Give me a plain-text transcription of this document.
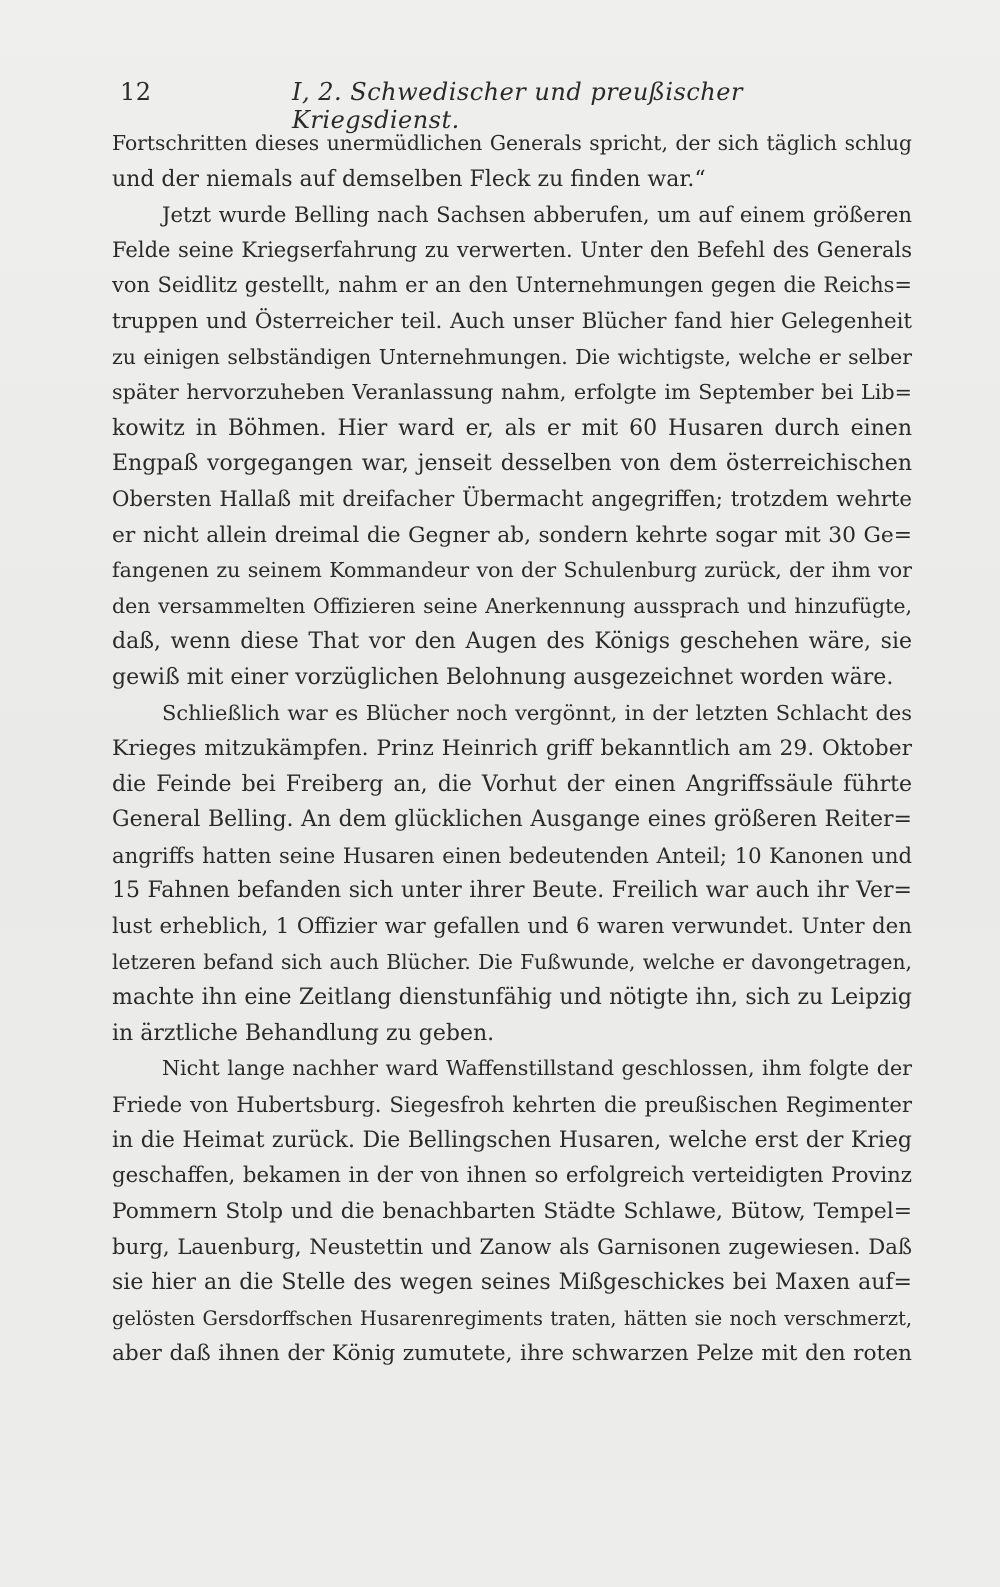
12	I, 2. Schwedischer und preußischer Kriegsdienst.
Fortschritten dieses unermüdlichen Generals spricht, der sich täglich schlug
und der niemals auf demselben Fleck zu finden war.“
Jetzt wurde Belling nach Sachsen abberufen, um auf einem größeren
Felde seine Kriegserfahrung zu verwerten. Unter den Befehl des Generals
von Seidlitz gestellt, nahm er an den Unternehmungen gegen die Reichs=
truppen und Österreicher teil. Auch unser Blücher fand hier Gelegenheit
zu einigen selbständigen Unternehmungen. Die wichtigste, welche er selber
später hervorzuheben Veranlassung nahm, erfolgte im September bei Lib=
kowitz in Böhmen. Hier ward er, als er mit 60 Husaren durch einen
Engpaß vorgegangen war, jenseit desselben von dem österreichischen
Obersten Hallaß mit dreifacher Übermacht angegriffen; trotzdem wehrte
er nicht allein dreimal die Gegner ab, sondern kehrte sogar mit 30 Ge=
fangenen zu seinem Kommandeur von der Schulenburg zurück, der ihm vor
den versammelten Offizieren seine Anerkennung aussprach und hinzufügte,
daß, wenn diese That vor den Augen des Königs geschehen wäre, sie
gewiß mit einer vorzüglichen Belohnung ausgezeichnet worden wäre.
Schließlich war es Blücher noch vergönnt, in der letzten Schlacht des
Krieges mitzukämpfen. Prinz Heinrich griff bekanntlich am 29. Oktober
die Feinde bei Freiberg an, die Vorhut der einen Angriffssäule führte
General Belling. An dem glücklichen Ausgange eines größeren Reiter=
angriffs hatten seine Husaren einen bedeutenden Anteil; 10 Kanonen und
15 Fahnen befanden sich unter ihrer Beute. Freilich war auch ihr Ver=
lust erheblich, 1 Offizier war gefallen und 6 waren verwundet. Unter den
letzeren befand sich auch Blücher. Die Fußwunde, welche er davongetragen,
machte ihn eine Zeitlang dienstunfähig und nötigte ihn, sich zu Leipzig
in ärztliche Behandlung zu geben.
Nicht lange nachher ward Waffenstillstand geschlossen, ihm folgte der
Friede von Hubertsburg. Siegesfroh kehrten die preußischen Regimenter
in die Heimat zurück. Die Bellingschen Husaren, welche erst der Krieg
geschaffen, bekamen in der von ihnen so erfolgreich verteidigten Provinz
Pommern Stolp und die benachbarten Städte Schlawe, Bütow, Tempel=
burg, Lauenburg, Neustettin und Zanow als Garnisonen zugewiesen. Daß
sie hier an die Stelle des wegen seines Mißgeschickes bei Maxen auf=
gelösten Gersdorffschen Husarenregiments traten, hätten sie noch verschmerzt,
aber daß ihnen der König zumutete, ihre schwarzen Pelze mit den roten
